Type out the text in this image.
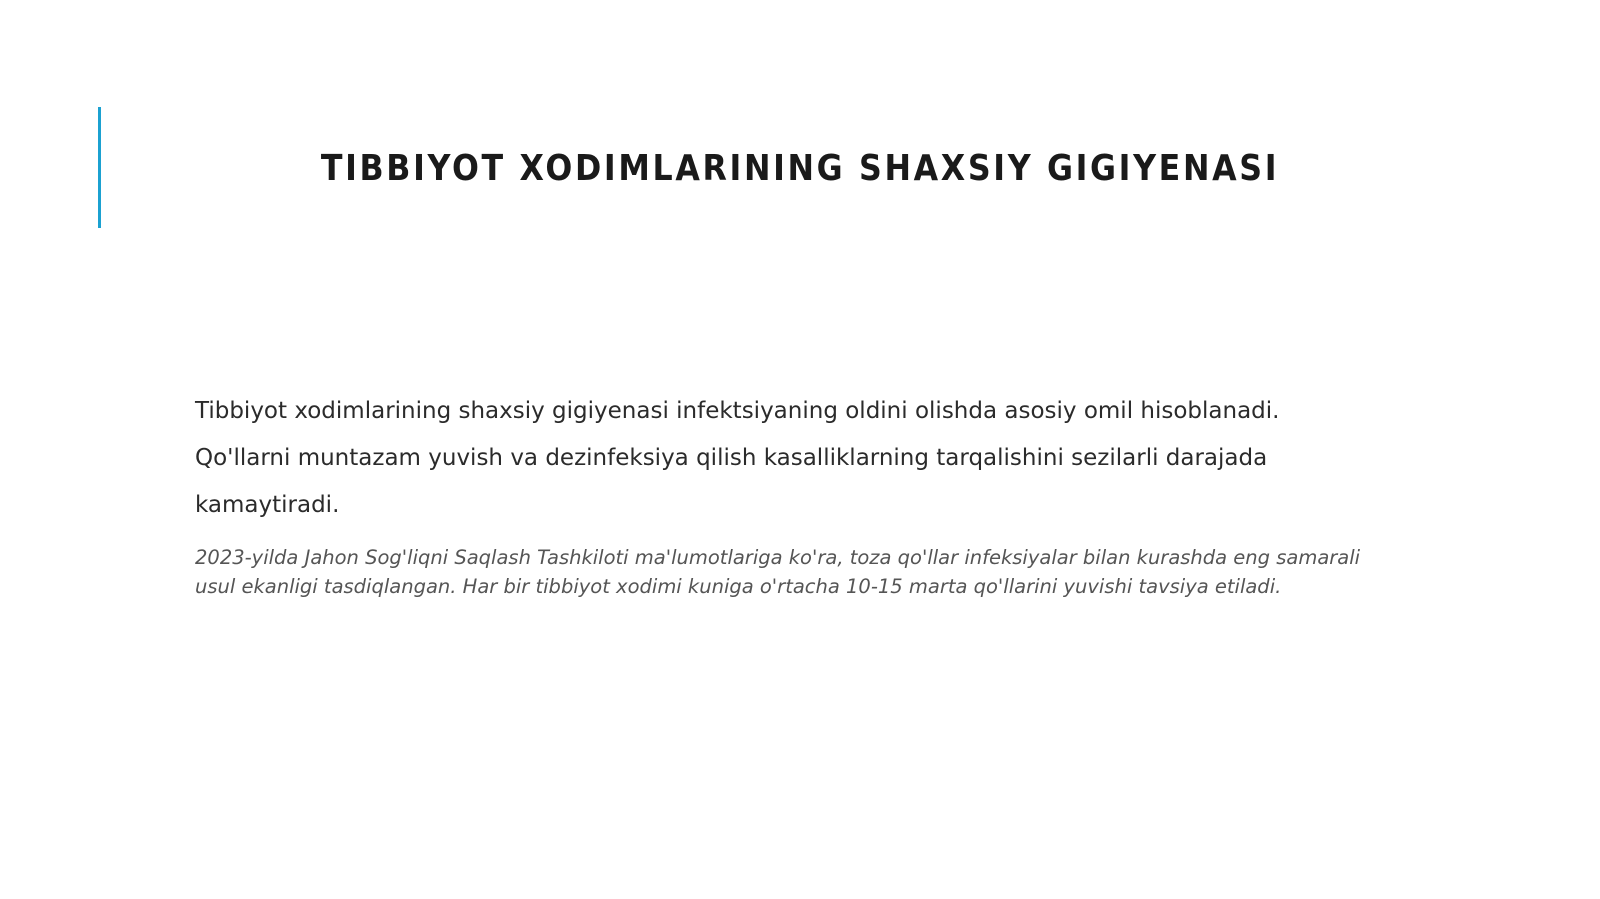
TIBBIYOT XODIMLARINING SHAXSIY GIGIYENASI
Tibbiyot xodimlarining shaxsiy gigiyenasi infektsiyaning oldini olishda asosiy omil hisoblanadi. Qo'llarni muntazam yuvish va dezinfeksiya qilish kasalliklarning tarqalishini sezilarli darajada kamaytiradi.
2023-yilda Jahon Sog'liqni Saqlash Tashkiloti ma'lumotlariga ko'ra, toza qo'llar infeksiyalar bilan kurashda eng samarali usul ekanligi tasdiqlangan. Har bir tibbiyot xodimi kuniga o'rtacha 10-15 marta qo'llarini yuvishi tavsiya etiladi.
